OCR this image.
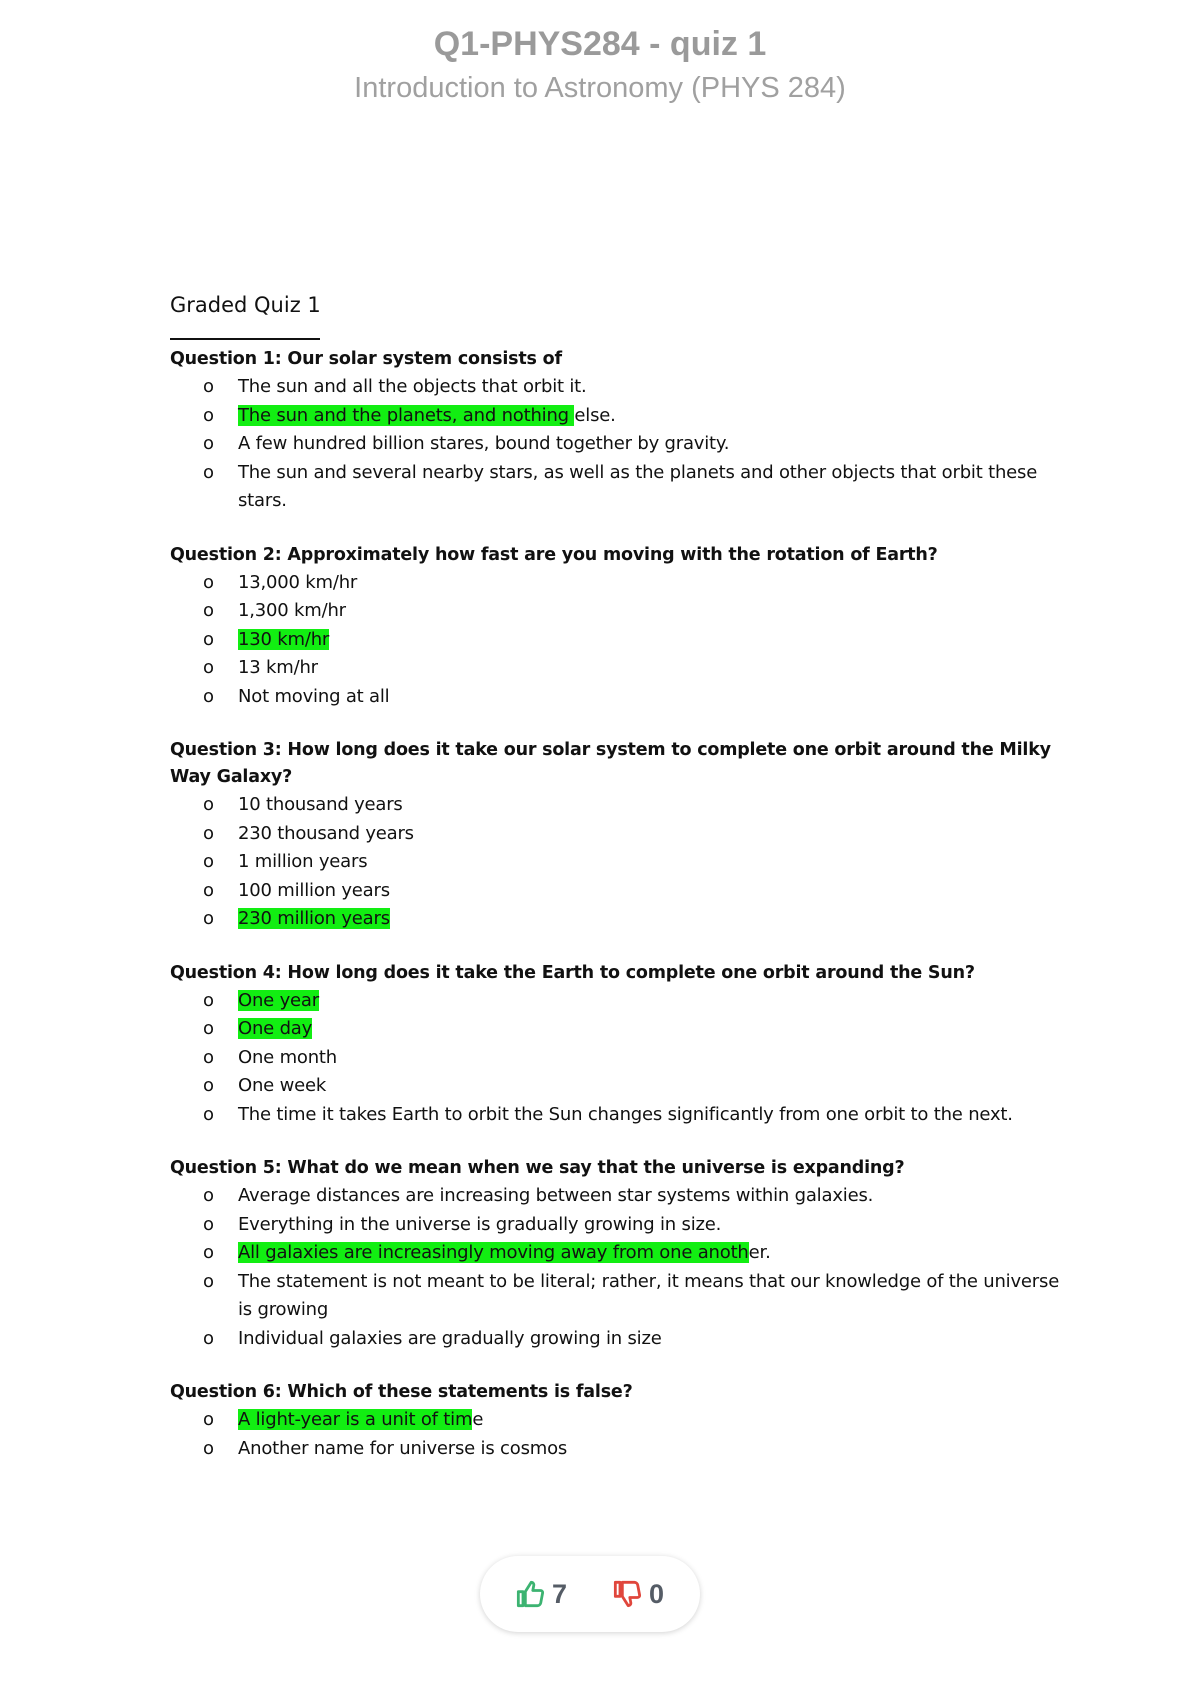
Q1-PHYS284 - quiz 1
Introduction to Astronomy (PHYS 284)
Graded Quiz 1
Question 1: Our solar system consists of
o The sun and all the objects that orbit it.
o The sun and the planets, and nothing else.
o A few hundred billion stares, bound together by gravity.
o The sun and several nearby stars, as well as the planets and other objects that orbit these stars.
Question 2: Approximately how fast are you moving with the rotation of Earth?
o 13,000 km/hr
o 1,300 km/hr
o 130 km/hr
o 13 km/hr
o Not moving at all
Question 3: How long does it take our solar system to complete one orbit around the Milky Way Galaxy?
o 10 thousand years
o 230 thousand years
o 1 million years
o 100 million years
o 230 million years
Question 4: How long does it take the Earth to complete one orbit around the Sun?
o One year
o One day
o One month
o One week
o The time it takes Earth to orbit the Sun changes significantly from one orbit to the next.
Question 5: What do we mean when we say that the universe is expanding?
o Average distances are increasing between star systems within galaxies.
o Everything in the universe is gradually growing in size.
o All galaxies are increasingly moving away from one another.
o The statement is not meant to be literal; rather, it means that our knowledge of the universe is growing
o Individual galaxies are gradually growing in size
Question 6: Which of these statements is false?
o A light-year is a unit of time
o Another name for universe is cosmos
7	0
